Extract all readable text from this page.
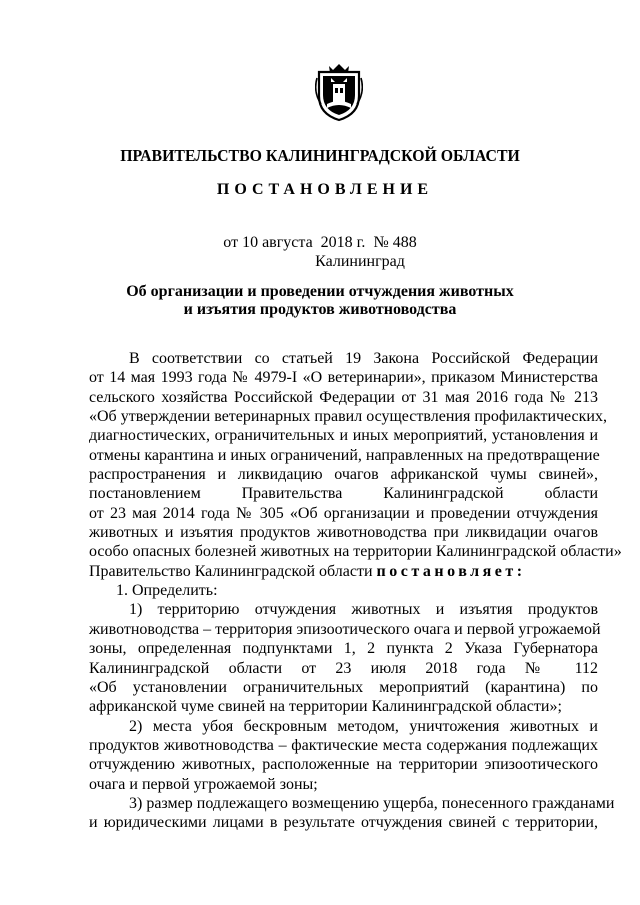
ПРАВИТЕЛЬСТВО КАЛИНИНГРАДСКОЙ ОБЛАСТИ
ПОСТАНОВЛЕНИЕ
от 10 августа 2018 г. № 488
Калининград
Об организации и проведении отчуждения животных
и изъятия продуктов животноводства
В соответствии со статьей 19 Закона Российской Федерации
от 14 мая 1993 года № 4979-I «О ветеринарии», приказом Министерства
сельского хозяйства Российской Федерации от 31 мая 2016 года № 213
«Об утверждении ветеринарных правил осуществления профилактических,
диагностических, ограничительных и иных мероприятий, установления и
отмены карантина и иных ограничений, направленных на предотвращение
распространения и ликвидацию очагов африканской чумы свиней»,
постановлением Правительства Калининградской области
от 23 мая 2014 года № 305 «Об организации и проведении отчуждения
животных и изъятия продуктов животноводства при ликвидации очагов
особо опасных болезней животных на территории Калининградской области»
Правительство Калининградской области постановляет:
1. Определить:
1) территорию отчуждения животных и изъятия продуктов
животноводства – территория эпизоотического очага и первой угрожаемой
зоны, определенная подпунктами 1, 2 пункта 2 Указа Губернатора
Калининградской области от 23 июля 2018 года № 112
«Об установлении ограничительных мероприятий (карантина) по
африканской чуме свиней на территории Калининградской области»;
2) места убоя бескровным методом, уничтожения животных и
продуктов животноводства – фактические места содержания подлежащих
отчуждению животных, расположенные на территории эпизоотического
очага и первой угрожаемой зоны;
3) размер подлежащего возмещению ущерба, понесенного гражданами
и юридическими лицами в результате отчуждения свиней с территории,
